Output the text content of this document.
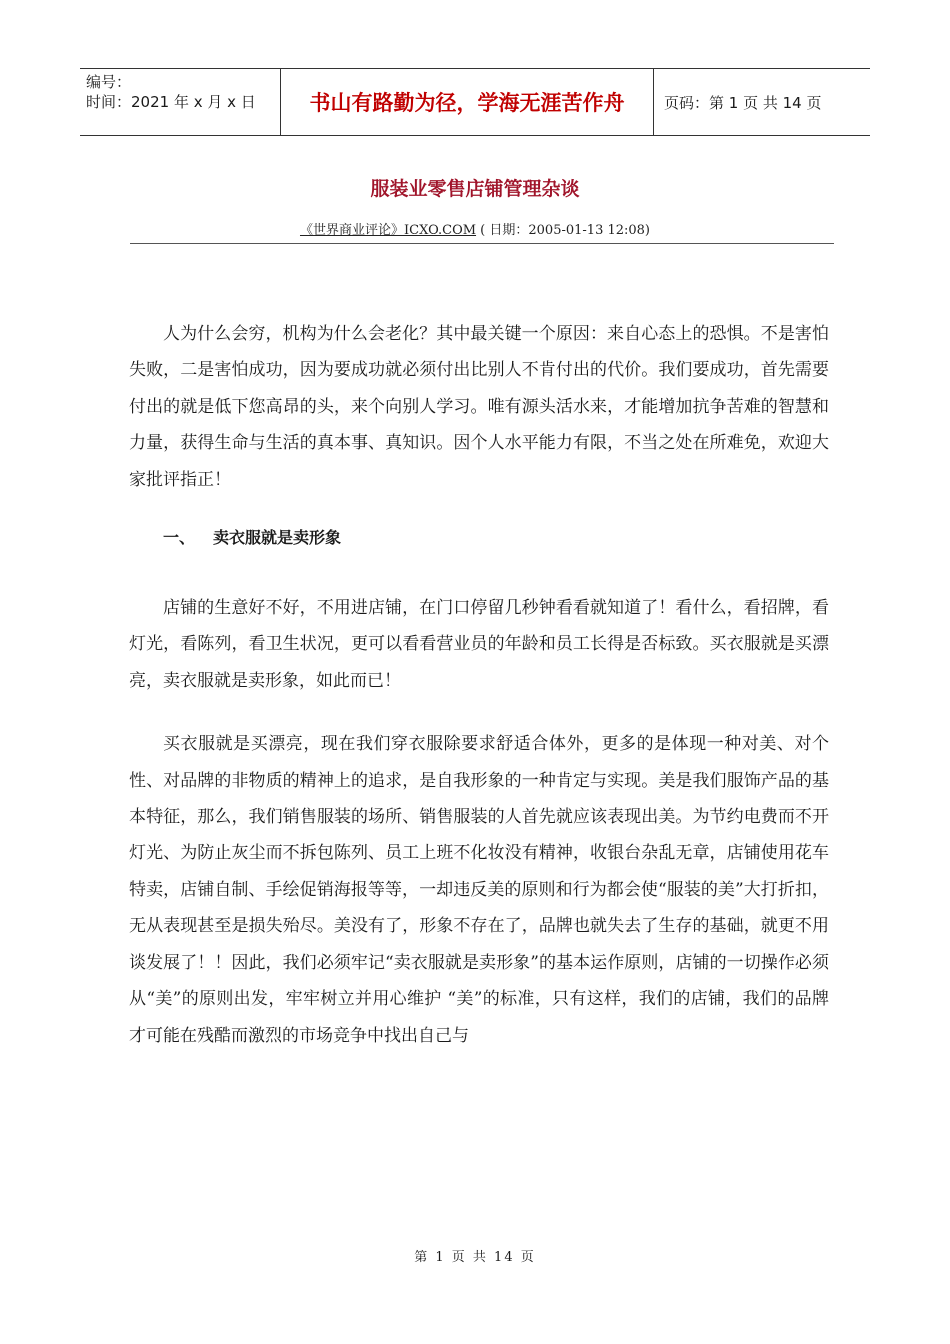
编号：
时间：2021 年 x 月 x 日	书山有路勤为径，学海无涯苦作舟	页码：第 1 页 共 14 页
服装业零售店铺管理杂谈
《世界商业评论》ICXO.COM ( 日期：2005-01-13 12:08)

人为什么会穷，机构为什么会老化？其中最关键一个原因：来自心态上的恐惧。不是害怕失败，二是害怕成功，因为要成功就必须付出比别人不肯付出的代价。我们要成功，首先需要付出的就是低下您高昂的头，来个向别人学习。唯有源头活水来，才能增加抗争苦难的智慧和力量，获得生命与生活的真本事、真知识。因个人水平能力有限，不当之处在所难免，欢迎大家批评指正！

一、 卖衣服就是卖形象

店铺的生意好不好，不用进店铺，在门口停留几秒钟看看就知道了！看什么，看招牌，看灯光，看陈列，看卫生状况，更可以看看营业员的年龄和员工长得是否标致。买衣服就是买漂亮，卖衣服就是卖形象，如此而已！

买衣服就是买漂亮，现在我们穿衣服除要求舒适合体外，更多的是体现一种对美、对个性、对品牌的非物质的精神上的追求，是自我形象的一种肯定与实现。美是我们服饰产品的基本特征，那么，我们销售服装的场所、销售服装的人首先就应该表现出美。为节约电费而不开灯光、为防止灰尘而不拆包陈列、员工上班不化妆没有精神，收银台杂乱无章，店铺使用花车特卖，店铺自制、手绘促销海报等等，一却违反美的原则和行为都会使“服装的美”大打折扣，无从表现甚至是损失殆尽。美没有了，形象不存在了，品牌也就失去了生存的基础，就更不用谈发展了！！因此，我们必须牢记“卖衣服就是卖形象”的基本运作原则，店铺的一切操作必须从“美”的原则出发，牢牢树立并用心维护 “美”的标准，只有这样，我们的店铺，我们的品牌才可能在残酷而激烈的市场竞争中找出自己与

第 1 页 共 14 页
